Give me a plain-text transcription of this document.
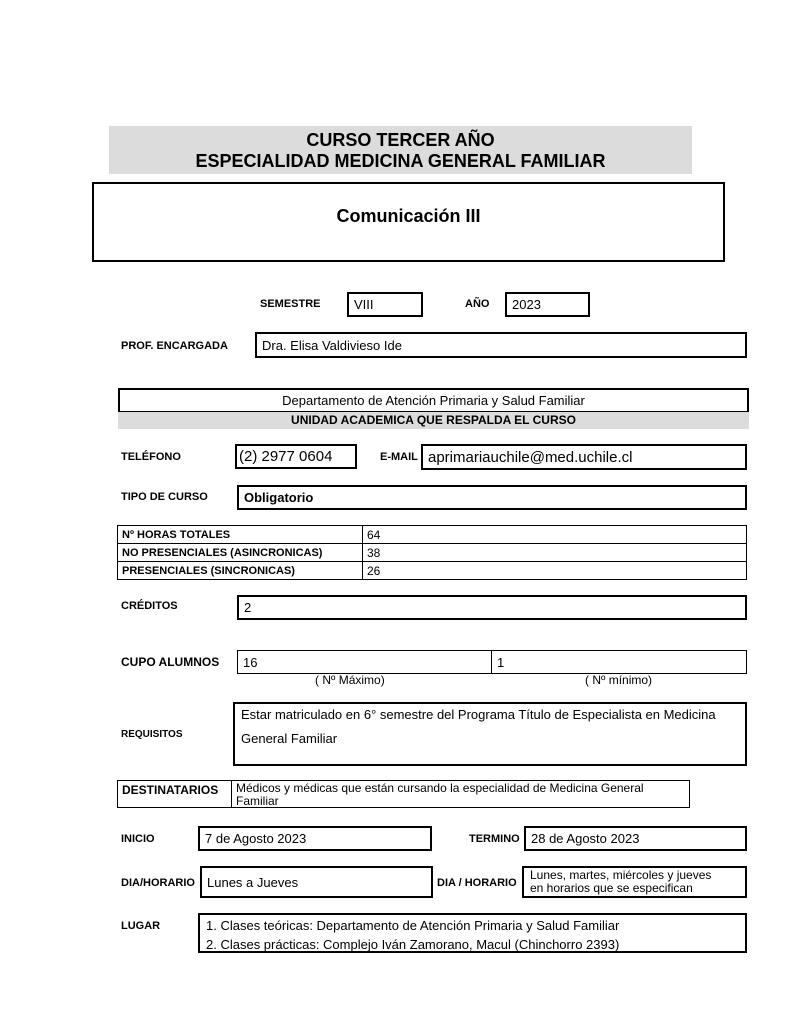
CURSO TERCER AÑO
ESPECIALIDAD MEDICINA GENERAL FAMILIAR
Comunicación III
SEMESTRE	VIII	AÑO 2023
PROF. ENCARGADA	Dra. Elisa Valdivieso Ide
Departamento de Atención Primaria y Salud Familiar
UNIDAD ACADEMICA QUE RESPALDA EL CURSO
TELÉFONO	(2) 2977 0604	E-MAIL aprimariauchile@med.uchile.cl
TIPO DE CURSO	Obligatorio
Nº HORAS TOTALES	64
NO PRESENCIALES (ASINCRONICAS)	38
PRESENCIALES (SINCRONICAS)	26
CRÉDITOS	2
CUPO ALUMNOS 16	1
( Nº Máximo)	( Nº mínimo)
REQUISITOS
Estar matriculado en 6° semestre del Programa Título de Especialista en Medicina
General Familiar
DESTINATARIOS	Médicos y médicas que están cursando la especialidad de Medicina General
Familiar
INICIO	7 de Agosto 2023	TERMINO 28 de Agosto 2023
DIA/HORARIO Lunes a Jueves	DIA / HORARIO
Lunes, martes, miércoles y jueves
en horarios que se especifican
LUGAR	1. Clases teóricas: Departamento de Atención Primaria y Salud Familiar
2. Clases prácticas: Complejo Iván Zamorano, Macul (Chinchorro 2393)
